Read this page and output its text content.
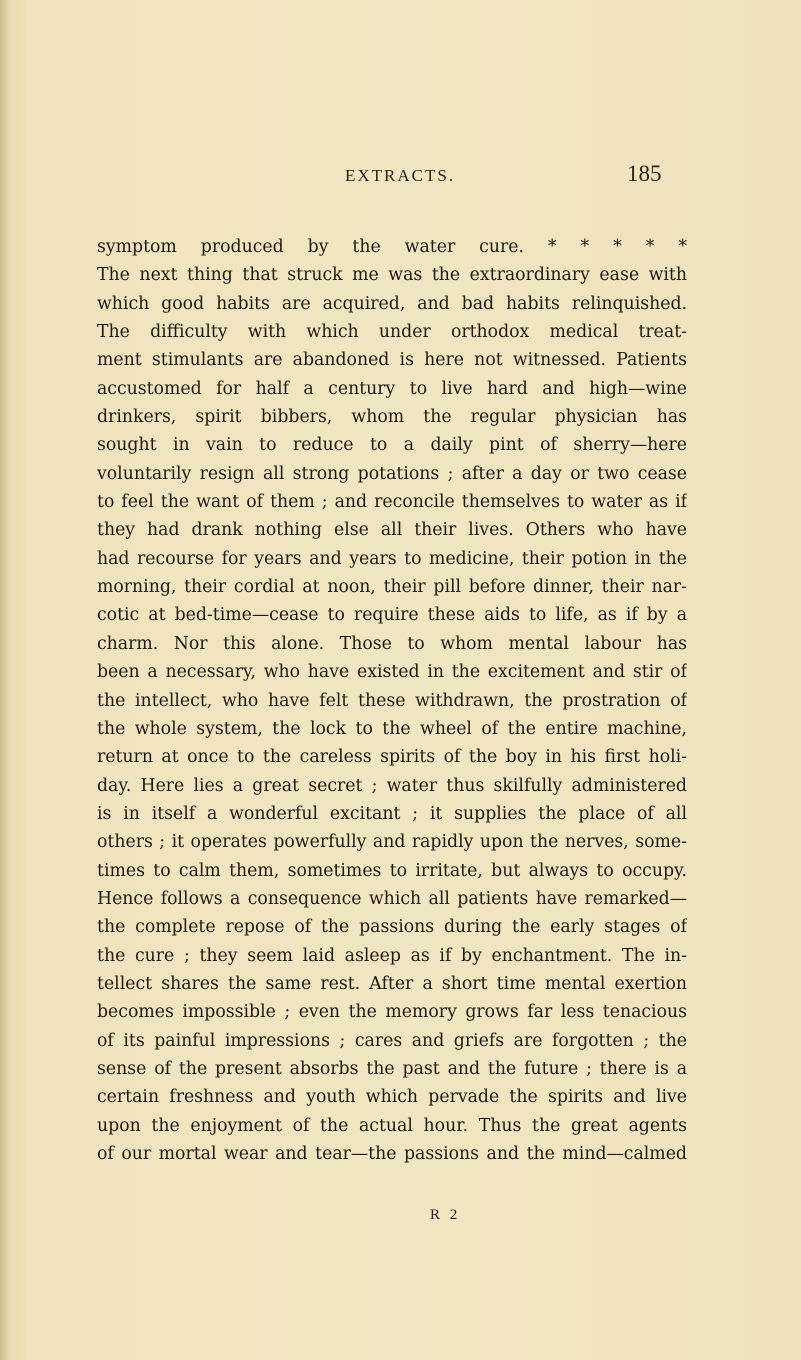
EXTRACTS.	185
symptom produced by the water cure. * * * * *
The next thing that struck me was the extraordinary ease with
which good habits are acquired, and bad habits relinquished.
The difficulty with which under orthodox medical treat-
ment stimulants are abandoned is here not witnessed. Patients
accustomed for half a century to live hard and high—wine
drinkers, spirit bibbers, whom the regular physician has
sought in vain to reduce to a daily pint of sherry—here
voluntarily resign all strong potations ; after a day or two cease
to feel the want of them ; and reconcile themselves to water as if
they had drank nothing else all their lives. Others who have
had recourse for years and years to medicine, their potion in the
morning, their cordial at noon, their pill before dinner, their nar-
cotic at bed-time—cease to require these aids to life, as if by a
charm. Nor this alone. Those to whom mental labour has
been a necessary, who have existed in the excitement and stir of
the intellect, who have felt these withdrawn, the prostration of
the whole system, the lock to the wheel of the entire machine,
return at once to the careless spirits of the boy in his first holi-
day. Here lies a great secret ; water thus skilfully administered
is in itself a wonderful excitant ; it supplies the place of all
others ; it operates powerfully and rapidly upon the nerves, some-
times to calm them, sometimes to irritate, but always to occupy.
Hence follows a consequence which all patients have remarked—
the complete repose of the passions during the early stages of
the cure ; they seem laid asleep as if by enchantment. The in-
tellect shares the same rest. After a short time mental exertion
becomes impossible ; even the memory grows far less tenacious
of its painful impressions ; cares and griefs are forgotten ; the
sense of the present absorbs the past and the future ; there is a
certain freshness and youth which pervade the spirits and live
upon the enjoyment of the actual hour. Thus the great agents
of our mortal wear and tear—the passions and the mind—calmed
R 2
